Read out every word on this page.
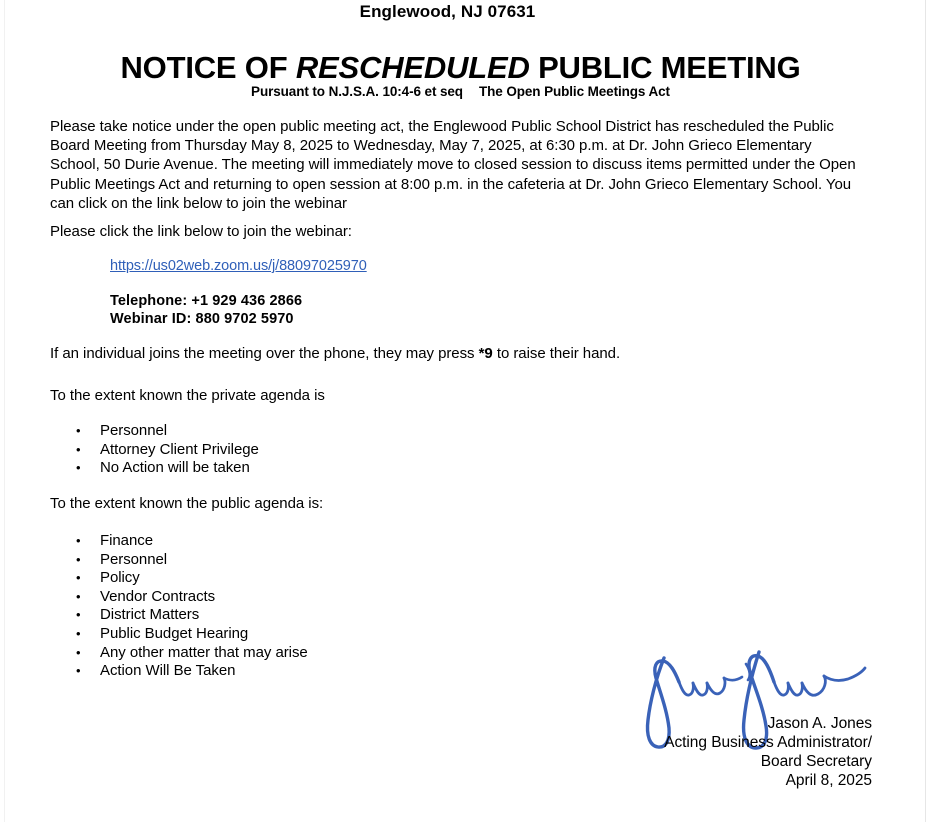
Englewood, NJ 07631
NOTICE OF RESCHEDULED PUBLIC MEETING
Pursuant to N.J.S.A. 10:4-6 et seq The Open Public Meetings Act
Please take notice under the open public meeting act, the Englewood Public School District has rescheduled the Public Board Meeting from Thursday May 8, 2025 to Wednesday, May 7, 2025, at 6:30 p.m. at Dr. John Grieco Elementary School, 50 Durie Avenue. The meeting will immediately move to closed session to discuss items permitted under the Open Public Meetings Act and returning to open session at 8:00 p.m. in the cafeteria at Dr. John Grieco Elementary School. You can click on the link below to join the webinar
Please click the link below to join the webinar:
https://us02web.zoom.us/j/88097025970
Telephone: +1 929 436 2866
Webinar ID: 880 9702 5970
If an individual joins the meeting over the phone, they may press *9 to raise their hand.
To the extent known the private agenda is
• Personnel
• Attorney Client Privilege
• No Action will be taken
To the extent known the public agenda is:
• Finance
• Personnel
• Policy
• Vendor Contracts
• District Matters
• Public Budget Hearing
• Any other matter that may arise
• Action Will Be Taken
Jason A. Jones
Acting Business Administrator/
Board Secretary
April 8, 2025
